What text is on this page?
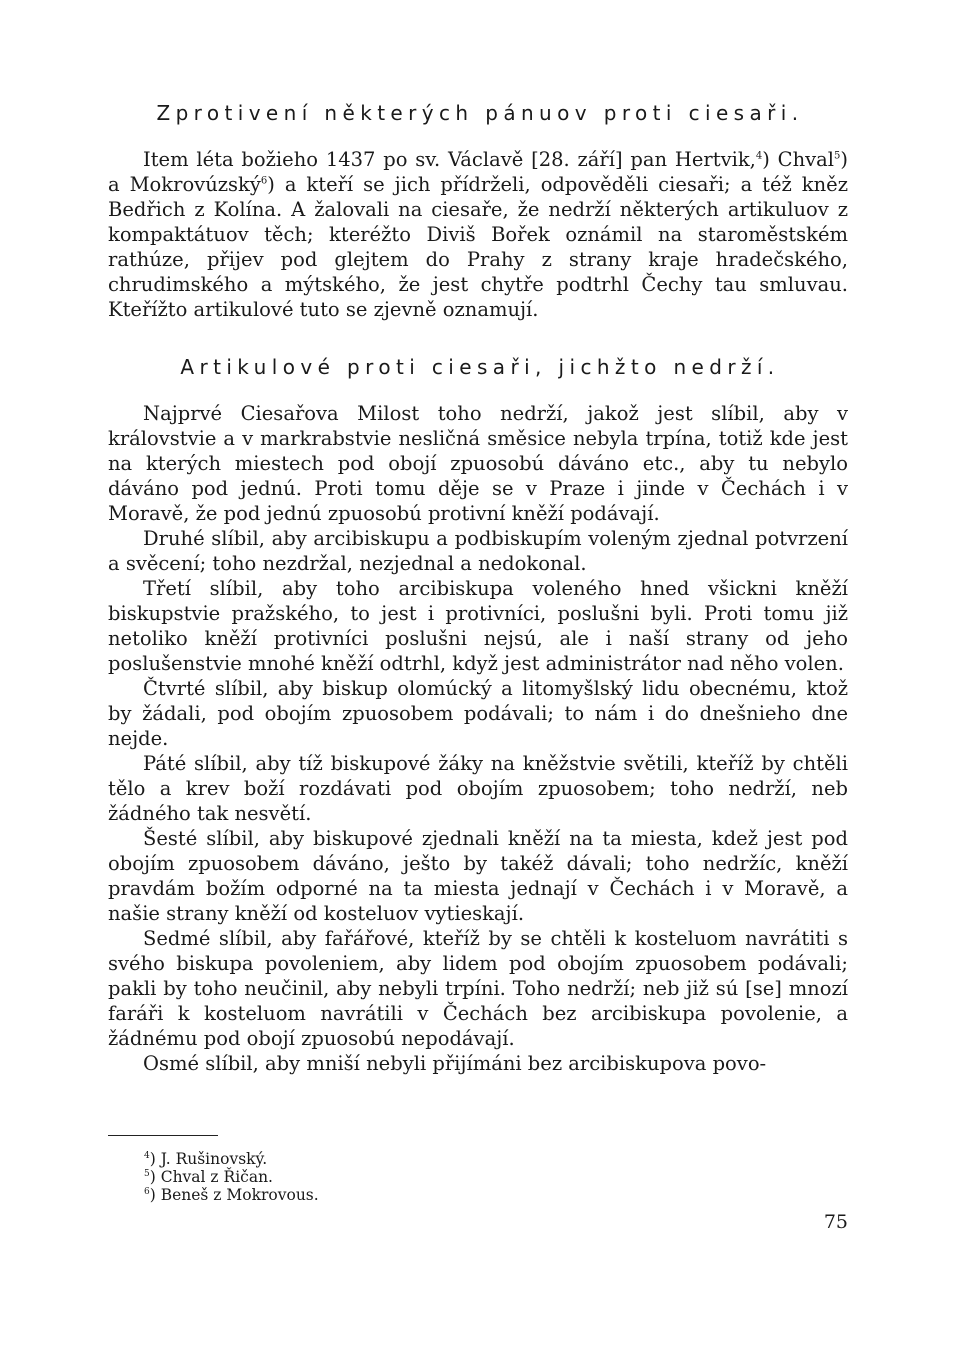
Zprotivení některých pánuov proti ciesaři.

Item léta božieho 1437 po sv. Václavě [28. září] pan Hertvik,$^4$) Chval$^5$) a Mokrovúzský$^6$) a kteří se jich přídrželi, odpověděli ciesaři; a též kněz Bedřich z Kolína. A žalovali na ciesaře, že nedrží některých artikuluov z kompaktátuov těch; kteréžto Diviš Bořek oznámil na staroměstském rathúze, přijev pod glejtem do Prahy z strany kraje hradečského, chrudimského a mýtského, že jest chytře podtrhl Čechy tau smluvau. Kteřížto artikulové tuto se zjevně oznamují.

Artikulové proti ciesaři, jichžto nedrží.

Najprvé Ciesařova Milost toho nedrží, jakož jest slíbil, aby v královstvie a v markrabstvie nesličná směsice nebyla trpína, totiž kde jest na kterých miestech pod obojí zpuosobú dáváno etc., aby tu nebylo dáváno pod jednú. Proti tomu děje se v Praze i jinde v Čechách i v Moravě, že pod jednú zpuosobú protivní kněží podávají.

Druhé slíbil, aby arcibiskupu a podbiskupím voleným zjednal potvrzení a svěcení; toho nezdržal, nezjednal a nedokonal.

Třetí slíbil, aby toho arcibiskupa voleného hned všickni kněží biskupstvie pražského, to jest i protivníci, poslušni byli. Proti tomu již netoliko kněží protivníci poslušni nejsú, ale i naší strany od jeho poslušenstvie mnohé kněží odtrhl, když jest administrátor nad něho volen.

Čtvrté slíbil, aby biskup olomúcký a litomyšlský lidu obecnému, ktož by žádali, pod obojím zpuosobem podávali; to nám i do dnešnieho dne nejde.

Páté slíbil, aby tíž biskupové žáky na kněžstvie světili, kteříž by chtěli tělo a krev boží rozdávati pod obojím zpuosobem; toho nedrží, neb žádného tak nesvětí.

Šesté slíbil, aby biskupové zjednali kněží na ta miesta, kdež jest pod obojím zpuosobem dáváno, ješto by takéž dávali; toho nedržíc, kněží pravdám božím odporné na ta miesta jednají v Čechách i v Moravě, a našie strany kněží od kosteluov vytieskají.

Sedmé slíbil, aby fařářové, kteříž by se chtěli k kosteluom navrátiti s svého biskupa povoleniem, aby lidem pod obojím zpuosobem podávali; pakli by toho neučinil, aby nebyli trpíni. Toho nedrží; neb již sú [se] mnozí faráři k kosteluom navrátili v Čechách bez arcibiskupa povolenie, a žádnému pod obojí zpuosobú nepodávají.

Osmé slíbil, aby mniší nebyli přijímáni bez arcibiskupova povo-

$^4$) J. Rušinovský.
$^5$) Chval z Řičan.
$^6$) Beneš z Mokrovous.
75
